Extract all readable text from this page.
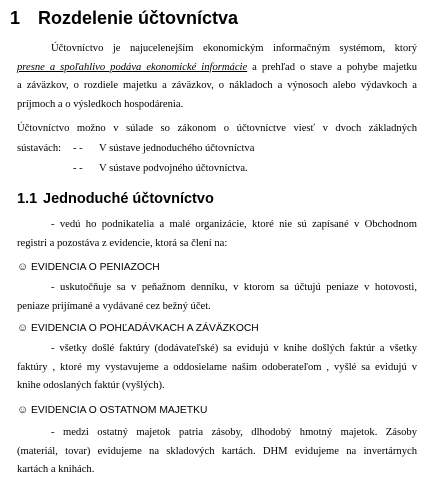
1 Rozdelenie účtovníctva
Účtovníctvo je najucelenejším ekonomickým informačným systémom, ktorý
presne a spoľahlivo podáva ekonomické informácie a prehľad o stave a pohybe majetku
a záväzkov, o rozdiele majetku a záväzkov, o nákladoch a výnosoch alebo výdavkoch a
príjmoch a o výsledkoch hospodárenia.
Účtovníctvo možno v súlade so zákonom o účtovníctve viesť v dvoch základných
sústavách: - - V sústave jednoduchého účtovníctva
- - V sústave podvojného účtovníctva.
1.1 Jednoduché účtovníctvo
- vedú ho podnikatelia a malé organizácie, ktoré nie sú zapísané v Obchodnom
registri a pozostáva z evidencie, ktorá sa člení na:
☺ EVIDENCIA O PENIAZOCH
- uskutočňuje sa v peňažnom denníku, v ktorom sa účtujú peniaze v hotovosti,
peniaze prijímané a vydávané cez bežný účet.
☺ EVIDENCIA O POHĽADÁVKACH A ZÁVÄZKOCH
- všetky došlé faktúry (dodávateľské) sa evidujú v knihe došlých faktúr a všetky
faktúry , ktoré my vystavujeme a oddosielame našim odoberateľom , vyšlé sa evidujú v
knihe odoslaných faktúr (vyšlých).
☺ EVIDENCIA O OSTATNOM MAJETKU
- medzi ostatný majetok patria zásoby, dlhodobý hmotný majetok. Zásoby
(materiál, tovar) evidujeme na skladových kartách. DHM evidujeme na invertárnych
kartách a knihách.
